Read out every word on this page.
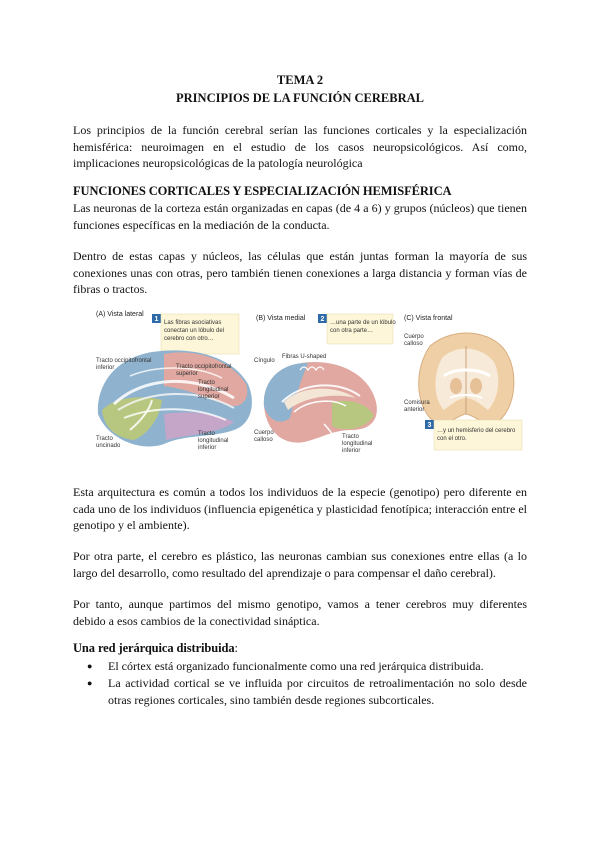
TEMA 2
PRINCIPIOS DE LA FUNCIÓN CEREBRAL
Los principios de la función cerebral serían las funciones corticales y la especialización hemisférica: neuroimagen en el estudio de los casos neuropsicológicos. Así como, implicaciones neuropsicológicas de la patología neurológica
FUNCIONES CORTICALES Y ESPECIALIZACIÓN HEMISFÉRICA
Las neuronas de la corteza están organizadas en capas (de 4 a 6) y grupos (núcleos) que tienen funciones específicas en la mediación de la conducta.
Dentro de estas capas y núcleos, las células que están juntas forman la mayoría de sus conexiones unas con otras, pero también tienen conexiones a larga distancia y forman vías de fibras o tractos.
(A) Vista lateral
1 Las fibras asociativas
conectan un lóbulo del
cerebro con otro…
Tracto occipitofrontal
inferior	Tracto occipitofrontal
superior
Tracto
longitudinal
superior
Tracto
uncinado
Tracto
longitudinal
inferior
(B) Vista medial 2 …una parte de un lóbulo
con otra parte…
Cíngulo
Fibras U-shaped
Cuerpo
calloso	Tracto
longitudinal
inferior
(C) Vista frontal
Cuerpo
calloso
Comisura
anterior
3
…y un hemisferio del cerebro
con el otro.
Esta arquitectura es común a todos los individuos de la especie (genotipo) pero diferente en cada uno de los individuos (influencia epigenética y plasticidad fenotípica; interacción entre el genotipo y el ambiente).
Por otra parte, el cerebro es plástico, las neuronas cambian sus conexiones entre ellas (a lo largo del desarrollo, como resultado del aprendizaje o para compensar el daño cerebral).
Por tanto, aunque partimos del mismo genotipo, vamos a tener cerebros muy diferentes debido a esos cambios de la conectividad sináptica.
Una red jerárquica distribuida:
● El córtex está organizado funcionalmente como una red jerárquica distribuida.
● La actividad cortical se ve influida por circuitos de retroalimentación no solo desde otras regiones corticales, sino también desde regiones subcorticales.
